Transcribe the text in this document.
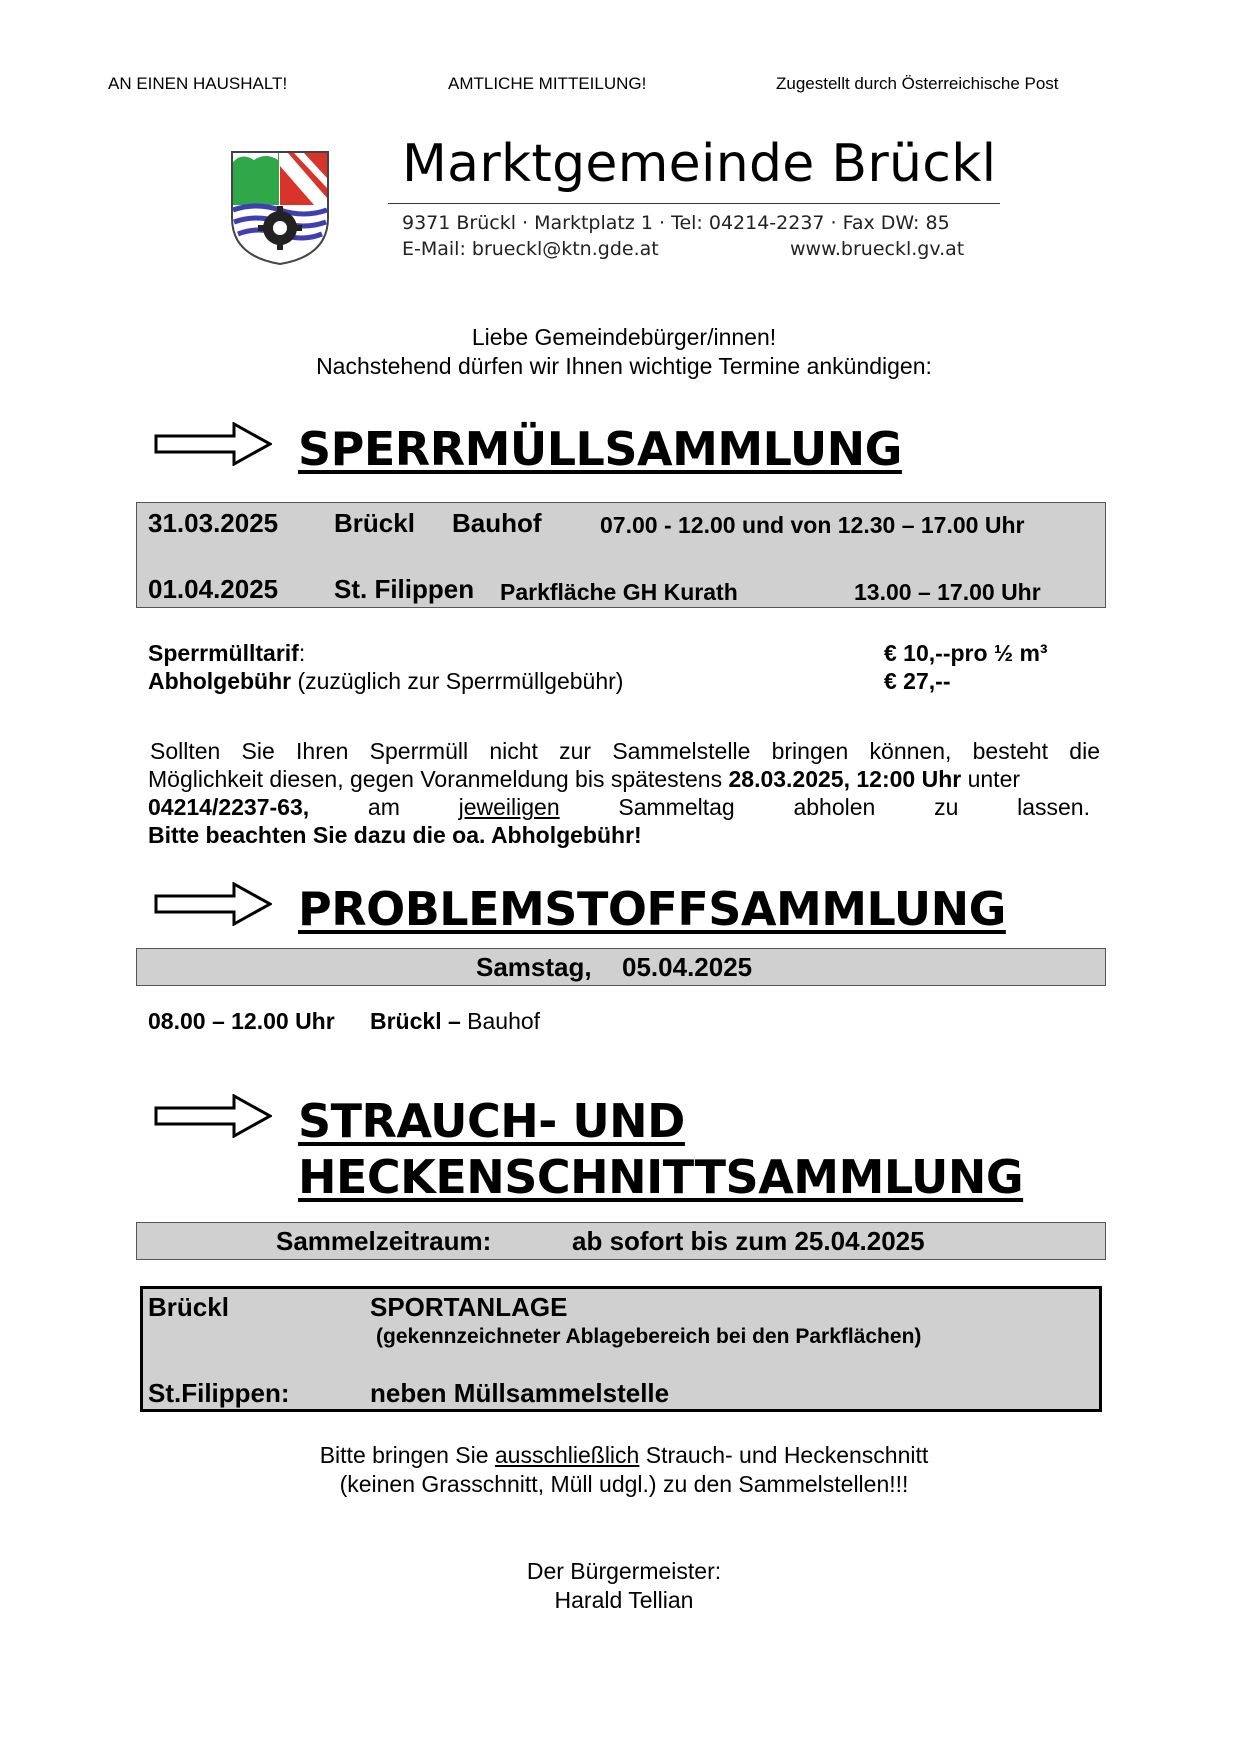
AN EINEN HAUSHALT!	AMTLICHE MITTEILUNG!	Zugestellt durch Österreichische Post
Marktgemeinde Brückl
9371 Brückl · Marktplatz 1 · Tel: 04214-2237 · Fax DW: 85
E-Mail: brueckl@ktn.gde.at	www.brueckl.gv.at
Liebe Gemeindebürger/innen!
Nachstehend dürfen wir Ihnen wichtige Termine ankündigen:
SPERRMÜLLSAMMLUNG
31.03.2025 Brückl Bauhof	07.00 - 12.00 und von 12.30 – 17.00 Uhr
01.04.2025 St. Filippen Parkfläche GH Kurath	13.00 – 17.00 Uhr
Sperrmülltarif:	€ 10,--pro ½ m³
Abholgebühr (zuzüglich zur Sperrmüllgebühr)	€ 27,--
Sollten Sie Ihren Sperrmüll nicht zur Sammelstelle bringen können, besteht die
Möglichkeit diesen, gegen Voranmeldung bis spätestens 28.03.2025, 12:00 Uhr unter
04214/2237-63,	am	jeweiligen	Sammeltag	abholen	zu	lassen.
Bitte beachten Sie dazu die oa. Abholgebühr!
PROBLEMSTOFFSAMMLUNG
Samstag, 05.04.2025
08.00 – 12.00 Uhr Brückl – Bauhof
STRAUCH- UND
HECKENSCHNITTSAMMLUNG
Sammelzeitraum:	ab sofort bis zum 25.04.2025
Brückl	SPORTANLAGE
(gekennzeichneter Ablagebereich bei den Parkflächen)
St.Filippen:	neben Müllsammelstelle
Bitte bringen Sie ausschließlich Strauch- und Heckenschnitt
(keinen Grasschnitt, Müll udgl.) zu den Sammelstellen!!!
Der Bürgermeister:
Harald Tellian
